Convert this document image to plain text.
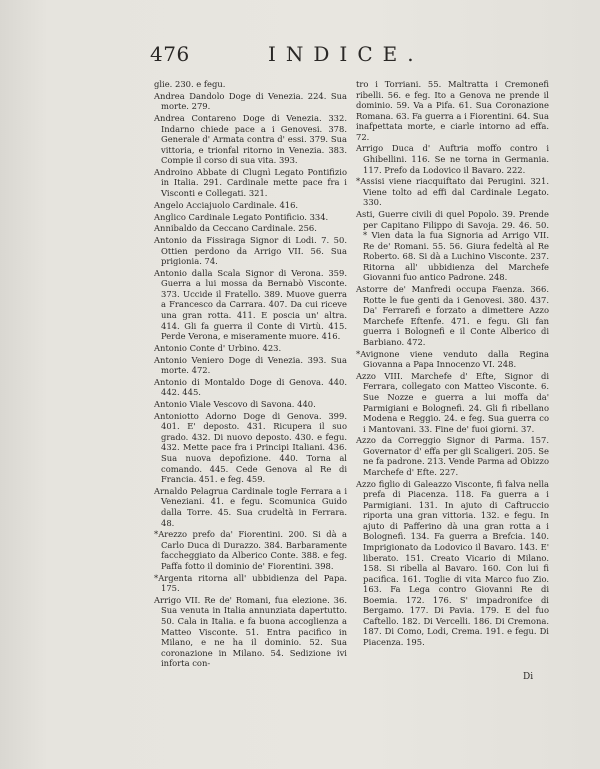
476	INDICE.

glie. 230. e fegu.

Andrea Dandolo Doge di Venezia. 224. Sua morte. 279.

Andrea Contareno Doge di Venezia. 332. Indarno chiede pace a i Genovesi. 378. Generale d' Armata contra d' essi. 379. Sua vittoria, e trionfal ritorno in Venezia. 383. Compie il corso di sua vita. 393.

Androino Abbate di Clugnì Legato Pontifizio in Italia. 291. Cardinale mette pace fra i Visconti e Collegati. 321.

Angelo Acciajuolo Cardinale. 416.

Anglico Cardinale Legato Pontificio. 334.

Annibaldo da Ceccano Cardinale. 256.

Antonio da Fissiraga Signor di Lodi. 7. 50. Ottien perdono da Arrigo VII. 56. Sua prigionia. 74.

Antonio dalla Scala Signor di Verona. 359. Guerra a lui mossa da Bernabò Visconte. 373. Uccide il Fratello. 389. Muove guerra a Francesco da Carrara. 407. Da cui riceve una gran rotta. 411. E poscia un' altra. 414. Gli fa guerra il Conte di Virtù. 415. Perde Verona, e miseramente muore. 416.

Antonio Conte d' Urbino. 423.

Antonio Veniero Doge di Venezia. 393. Sua morte. 472.

Antonio di Montaldo Doge di Genova. 440. 442. 445.

Antonio Viale Vescovo di Savona. 440.

Antoniotto Adorno Doge di Genova. 399. 401. E' deposto. 431. Ricupera il suo grado. 432. Di nuovo deposto. 430. e fegu. 432. Mette pace fra i Principi Italiani. 436. Sua nuova depofizione. 440. Torna al comando. 445. Cede Genova al Re di Francia. 451. e feg. 459.

Arnaldo Pelagrua Cardinale togle Ferrara a i Veneziani. 41. e fegu. Scomunica Guido dalla Torre. 45. Sua crudeltà in Ferrara. 48.

*Arezzo prefo da' Fiorentini. 200. Si dà a Carlo Duca di Durazzo. 384. Barbaramente faccheggiato da Alberico Conte. 388. e feg. Paffa fotto il dominio de' Fiorentini. 398.

*Argenta ritorna all' ubbidienza del Papa. 175.

Arrigo VII. Re de' Romani, fua elezione. 36. Sua venuta in Italia annunziata dapertutto. 50. Cala in Italia. e fa buona accoglienza a Matteo Visconte. 51. Entra pacifico in Milano, e ne ha il dominio. 52. Sua coronazione in Milano. 54. Sedizione ivi inforta con-

tro i Torriani. 55. Maltratta i Cremonefi ribelli. 56. e feg. Ito a Genova ne prende il dominio. 59. Va a Pifa. 61. Sua Coronazione Romana. 63. Fa guerra a i Fiorentini. 64. Sua inafpettata morte, e ciarle intorno ad effa. 72.

Arrigo Duca d' Auftria moffo contro i Ghibellini. 116. Se ne torna in Germania. 117. Prefo da Lodovico il Bavaro. 222.

*Assisi viene riacquiftato dai Perugini. 321. Viene tolto ad effi dal Cardinale Legato. 330.

Asti, Guerre civili di quel Popolo. 39. Prende per Capitano Filippo di Savoja. 29. 46. 50. * Vien data la fua Signoria ad Arrigo VII. Re de' Romani. 55. 56. Giura fedeltà al Re Roberto. 68. Si dà a Luchino Visconte. 237. Ritorna all' ubbidienza del Marchefe Giovanni fuo antico Padrone. 248.

Astorre de' Manfredi occupa Faenza. 366. Rotte le fue genti da i Genovesi. 380. 437. Da' Ferrarefi e forzato a dimettere Azzo Marchefe Eftenfe. 471. e fegu. Gli fan guerra i Bolognefi e il Conte Alberico di Barbiano. 472.

*Avignone viene venduto dalla Regina Giovanna a Papa Innocenzo VI. 248.

Azzo VIII. Marchefe d' Efte, Signor di Ferrara, collegato con Matteo Visconte. 6. Sue Nozze e guerra a lui moffa da' Parmigiani e Bolognefi. 24. Gli fi ribellano Modena e Reggio. 24. e feg. Sua guerra co i Mantovani. 33. Fine de' fuoi giorni. 37.

Azzo da Correggio Signor di Parma. 157. Governator d' effa per gli Scaligeri. 205. Se ne fa padrone. 213. Vende Parma ad Obizzo Marchefe d' Efte. 227.

Azzo figlio di Galeazzo Visconte, fi falva nella prefa di Piacenza. 118. Fa guerra a i Parmigiani. 131. In ajuto di Caftruccio riporta una gran vittoria. 132. e fegu. In ajuto di Pafferino dà una gran rotta a i Bolognefi. 134. Fa guerra a Brefcia. 140. Imprigionato da Lodovico il Bavaro. 143. E' liberato. 151. Creato Vicario di Milano. 158. Si ribella al Bavaro. 160. Con lui fi pacifica. 161. Toglie di vita Marco fuo Zio. 163. Fa Lega contro Giovanni Re di Boemia. 172. 176. S' impadronifce di Bergamo. 177. Di Pavia. 179. E del fuo Caftello. 182. Di Vercelli. 186. Di Cremona. 187. Di Como, Lodi, Crema. 191. e fegu. Di Piacenza. 195.

Di
